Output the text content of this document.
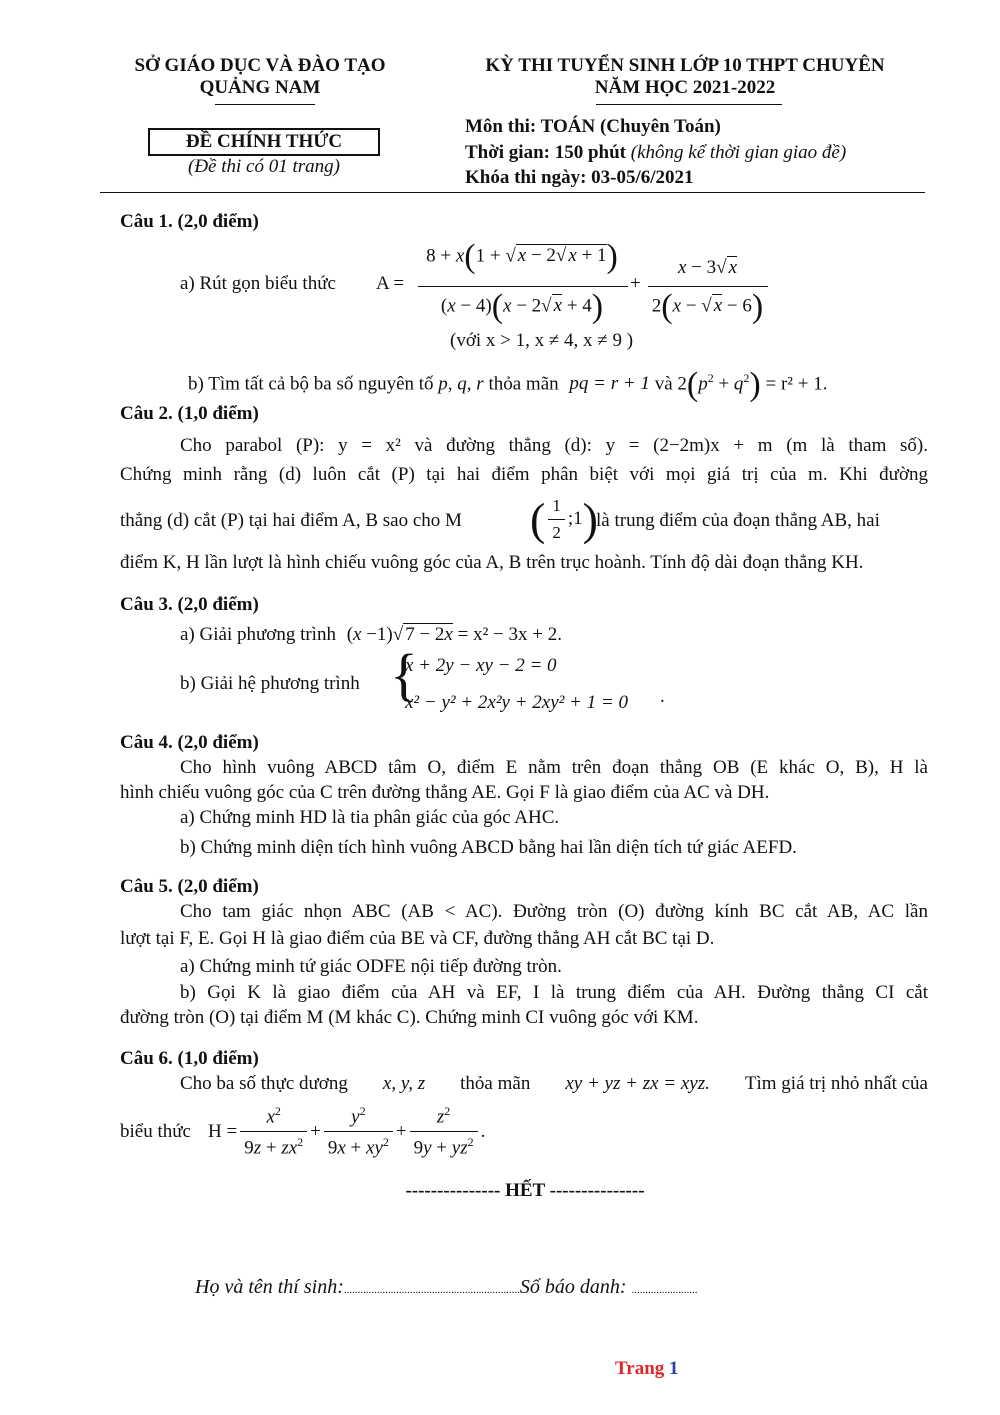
SỞ GIÁO DỤC VÀ ĐÀO TẠO
QUẢNG NAM
ĐỀ CHÍNH THỨC
(Đề thi có 01 trang)
KỲ THI TUYỂN SINH LỚP 10 THPT CHUYÊN
NĂM HỌC 2021-2022
Môn thi: TOÁN (Chuyên Toán)
Thời gian: 150 phút (không kể thời gian giao đề)
Khóa thi ngày: 03-05/6/2021
Câu 1. (2,0 điểm)
a) Rút gọn biểu thức A =
8 + x(1 + √ x − 2√ x + 1)
(x − 4)(x − 2√ x + 4)
+
x − 3√ x
2(x − √ x − 6)
(với x > 1, x ≠ 4, x ≠ 9 )
b) Tìm tất cả bộ ba số nguyên tố p, q, r thỏa mãn pq = r + 1 và $2(p^2 + q^2) = r^2 + 1$.
Câu 2. (1,0 điểm)
Cho parabol (P): y = x² và đường thẳng (d): y = (2−2m)x + m (m là tham số).
Chứng minh rằng (d) luôn cắt (P) tại hai điểm phân biệt với mọi giá trị của m. Khi đường
thẳng (d) cắt (P) tại hai điểm A, B sao cho M ( $\frac{1}{2}$ ;1)
là trung điểm của đoạn thẳng AB, hai
điểm K, H lần lượt là hình chiếu vuông góc của A, B trên trục hoành. Tính độ dài đoạn thẳng KH.
Câu 3. (2,0 điểm)
a) Giải phương trình (x −1)√ 7 − 2x = x² − 3x + 2.
b) Giải hệ phương trình {
x + 2y − xy − 2 = 0
x² − y² + 2x²y + 2xy² + 1 = 0 .
Câu 4. (2,0 điểm)
Cho hình vuông ABCD tâm O, điểm E nằm trên đoạn thẳng OB (E khác O, B), H là
hình chiếu vuông góc của C trên đường thẳng AE. Gọi F là giao điểm của AC và DH.
a) Chứng minh HD là tia phân giác của góc AHC.
b) Chứng minh diện tích hình vuông ABCD bằng hai lần diện tích tứ giác AEFD.
Câu 5. (2,0 điểm)
Cho tam giác nhọn ABC (AB < AC). Đường tròn (O) đường kính BC cắt AB, AC lần
lượt tại F, E. Gọi H là giao điểm của BE và CF, đường thẳng AH cắt BC tại D.
a) Chứng minh tứ giác ODFE nội tiếp đường tròn.
b) Gọi K là giao điểm của AH và EF, I là trung điểm của AH. Đường thẳng CI cắt
đường tròn (O) tại điểm M (M khác C). Chứng minh CI vuông góc với KM.
Câu 6. (1,0 điểm)
Cho ba số thực dương x, y, z thỏa mãn xy + yz + zx = xyz. Tìm giá trị nhỏ nhất của
biểu thức $H = \frac{x^2}{9z + zx^2} + \frac{y^2}{9x + xy^2} + \frac{z^2}{9y + yz^2}$ .
--------------- HẾT ---------------
Họ và tên thí sinh:................................................................Số báo danh: ........................
Trang 1
